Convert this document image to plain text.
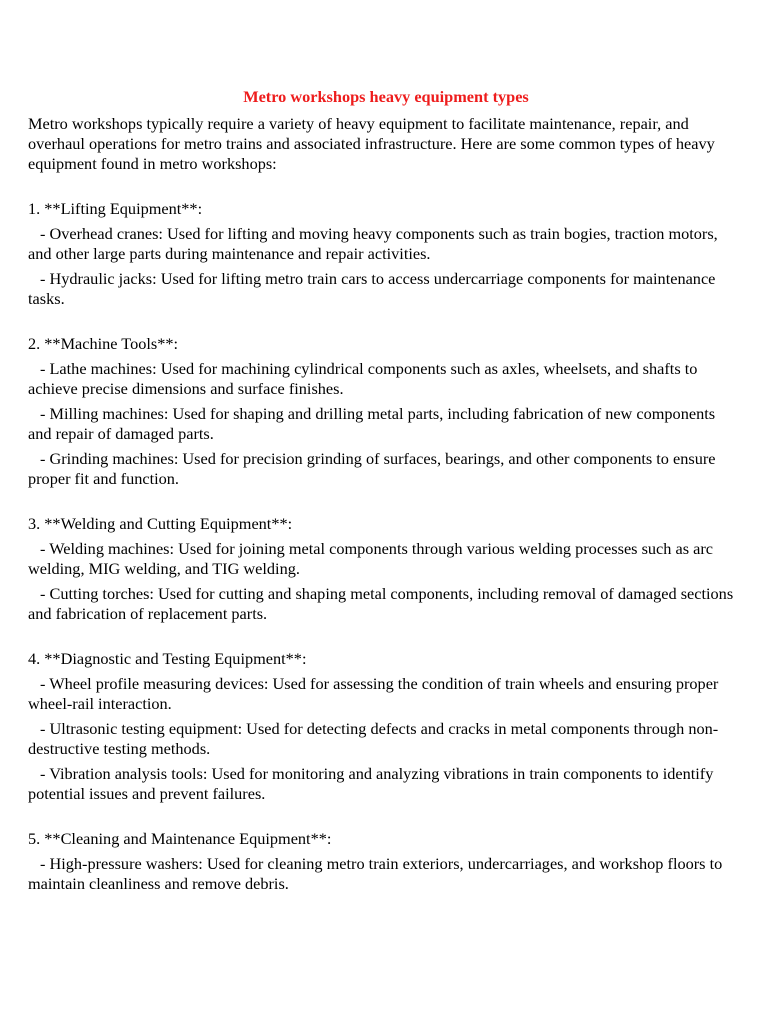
Metro workshops heavy equipment types

Metro workshops typically require a variety of heavy equipment to facilitate maintenance, repair, and overhaul operations for metro trains and associated infrastructure. Here are some common types of heavy equipment found in metro workshops:

1. **Lifting Equipment**:

- Overhead cranes: Used for lifting and moving heavy components such as train bogies, traction motors, and other large parts during maintenance and repair activities.

- Hydraulic jacks: Used for lifting metro train cars to access undercarriage components for maintenance tasks.

2. **Machine Tools**:

- Lathe machines: Used for machining cylindrical components such as axles, wheelsets, and shafts to achieve precise dimensions and surface finishes.

- Milling machines: Used for shaping and drilling metal parts, including fabrication of new components and repair of damaged parts.

- Grinding machines: Used for precision grinding of surfaces, bearings, and other components to ensure proper fit and function.

3. **Welding and Cutting Equipment**:

- Welding machines: Used for joining metal components through various welding processes such as arc welding, MIG welding, and TIG welding.

- Cutting torches: Used for cutting and shaping metal components, including removal of damaged sections and fabrication of replacement parts.

4. **Diagnostic and Testing Equipment**:

- Wheel profile measuring devices: Used for assessing the condition of train wheels and ensuring proper wheel-rail interaction.

- Ultrasonic testing equipment: Used for detecting defects and cracks in metal components through non-destructive testing methods.

- Vibration analysis tools: Used for monitoring and analyzing vibrations in train components to identify potential issues and prevent failures.

5. **Cleaning and Maintenance Equipment**:

- High-pressure washers: Used for cleaning metro train exteriors, undercarriages, and workshop floors to maintain cleanliness and remove debris.
